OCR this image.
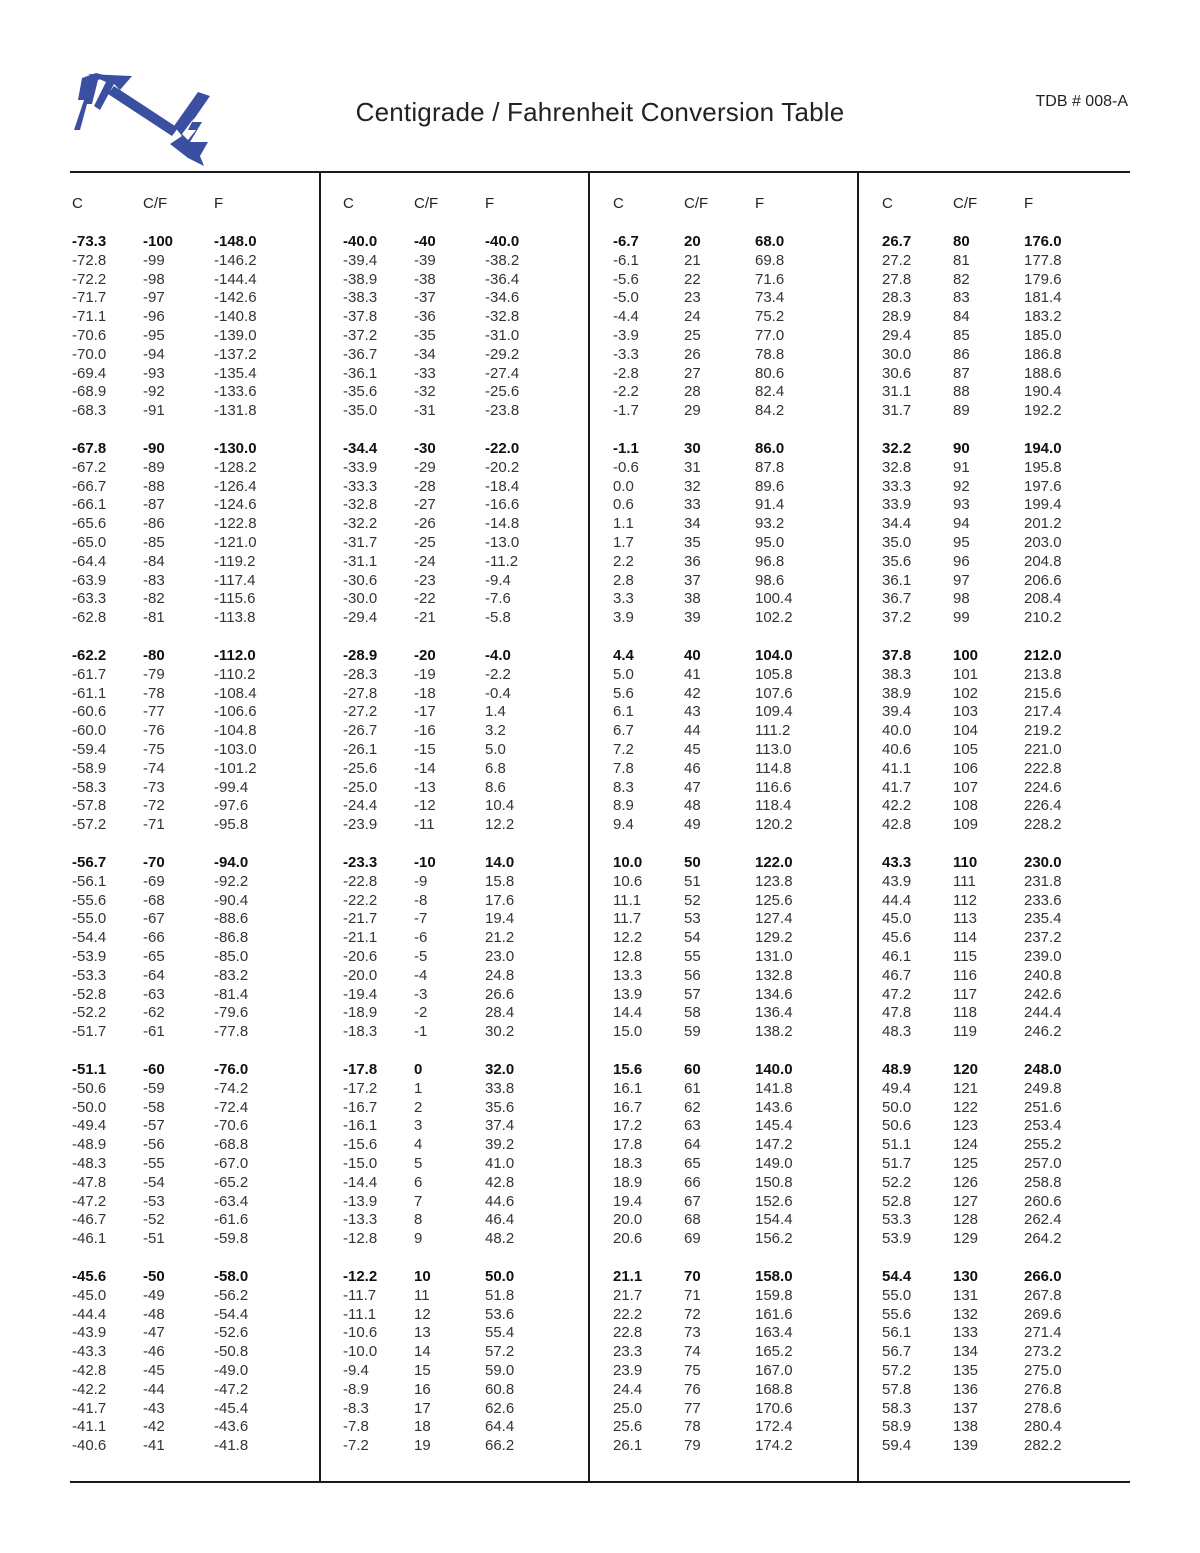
Centigrade / Fahrenheit Conversion Table	TDB # 008-A
C	C/F	F
-73.3 -100	-148.0
-72.8 -99	-146.2
-72.2 -98	-144.4
-71.7 -97	-142.6
-71.1 -96	-140.8
-70.6 -95	-139.0
-70.0 -94	-137.2
-69.4 -93	-135.4
-68.9 -92	-133.6
-68.3 -91	-131.8
-67.8 -90	-130.0
-67.2 -89	-128.2
-66.7 -88	-126.4
-66.1 -87	-124.6
-65.6 -86	-122.8
-65.0 -85	-121.0
-64.4 -84	-119.2
-63.9 -83	-117.4
-63.3 -82	-115.6
-62.8 -81	-113.8
-62.2 -80	-112.0
-61.7 -79	-110.2
-61.1 -78	-108.4
-60.6 -77	-106.6
-60.0 -76	-104.8
-59.4 -75	-103.0
-58.9 -74	-101.2
-58.3 -73	-99.4
-57.8 -72	-97.6
-57.2 -71	-95.8
-56.7 -70	-94.0
-56.1 -69	-92.2
-55.6 -68	-90.4
-55.0 -67	-88.6
-54.4 -66	-86.8
-53.9 -65	-85.0
-53.3 -64	-83.2
-52.8 -63	-81.4
-52.2 -62	-79.6
-51.7 -61	-77.8
-51.1 -60	-76.0
-50.6 -59	-74.2
-50.0 -58	-72.4
-49.4 -57	-70.6
-48.9 -56	-68.8
-48.3 -55	-67.0
-47.8 -54	-65.2
-47.2 -53	-63.4
-46.7 -52	-61.6
-46.1 -51	-59.8
-45.6 -50	-58.0
-45.0 -49	-56.2
-44.4 -48	-54.4
-43.9 -47	-52.6
-43.3 -46	-50.8
-42.8 -45	-49.0
-42.2 -44	-47.2
-41.7 -43	-45.4
-41.1 -42	-43.6
-40.6 -41	-41.8
C	C/F	F
-40.0 -40	-40.0
-39.4 -39	-38.2
-38.9 -38	-36.4
-38.3 -37	-34.6
-37.8 -36	-32.8
-37.2 -35	-31.0
-36.7 -34	-29.2
-36.1 -33	-27.4
-35.6 -32	-25.6
-35.0 -31	-23.8
-34.4 -30	-22.0
-33.9 -29	-20.2
-33.3 -28	-18.4
-32.8 -27	-16.6
-32.2 -26	-14.8
-31.7 -25	-13.0
-31.1 -24	-11.2
-30.6 -23	-9.4
-30.0 -22	-7.6
-29.4 -21	-5.8
-28.9 -20	-4.0
-28.3 -19	-2.2
-27.8 -18	-0.4
-27.2 -17	1.4
-26.7 -16	3.2
-26.1 -15	5.0
-25.6 -14	6.8
-25.0 -13	8.6
-24.4 -12	10.4
-23.9 -11	12.2
-23.3 -10	14.0
-22.8 -9	15.8
-22.2 -8	17.6
-21.7 -7	19.4
-21.1 -6	21.2
-20.6 -5	23.0
-20.0 -4	24.8
-19.4 -3	26.6
-18.9 -2	28.4
-18.3 -1	30.2
-17.8 0	32.0
-17.2 1	33.8
-16.7 2	35.6
-16.1 3	37.4
-15.6 4	39.2
-15.0 5	41.0
-14.4 6	42.8
-13.9 7	44.6
-13.3 8	46.4
-12.8 9	48.2
-12.2 10	50.0
-11.7	11	51.8
-11.1	12	53.6
-10.6 13	55.4
-10.0 14	57.2
-9.4	15	59.0
-8.9	16	60.8
-8.3	17	62.6
-7.8	18	64.4
-7.2	19	66.2
C	C/F	F
-6.7	20	68.0
-6.1	21	69.8
-5.6	22	71.6
-5.0	23	73.4
-4.4	24	75.2
-3.9	25	77.0
-3.3	26	78.8
-2.8	27	80.6
-2.2	28	82.4
-1.7	29	84.2
-1.1	30	86.0
-0.6	31	87.8
0.0	32	89.6
0.6	33	91.4
1.1	34	93.2
1.7	35	95.0
2.2	36	96.8
2.8	37	98.6
3.3	38	100.4
3.9	39	102.2
4.4	40	104.0
5.0	41	105.8
5.6	42	107.6
6.1	43	109.4
6.7	44	111.2
7.2	45	113.0
7.8	46	114.8
8.3	47	116.6
8.9	48	118.4
9.4	49	120.2
10.0	50	122.0
10.6	51	123.8
11.1	52	125.6
11.7	53	127.4
12.2	54	129.2
12.8	55	131.0
13.3	56	132.8
13.9	57	134.6
14.4	58	136.4
15.0	59	138.2
15.6	60	140.0
16.1	61	141.8
16.7	62	143.6
17.2	63	145.4
17.8	64	147.2
18.3	65	149.0
18.9	66	150.8
19.4	67	152.6
20.0	68	154.4
20.6	69	156.2
21.1	70	158.0
21.7	71	159.8
22.2	72	161.6
22.8	73	163.4
23.3	74	165.2
23.9	75	167.0
24.4	76	168.8
25.0	77	170.6
25.6	78	172.4
26.1	79	174.2
C	C/F	F
26.7	80	176.0
27.2	81	177.8
27.8	82	179.6
28.3	83	181.4
28.9	84	183.2
29.4	85	185.0
30.0	86	186.8
30.6	87	188.6
31.1	88	190.4
31.7	89	192.2
32.2	90	194.0
32.8	91	195.8
33.3	92	197.6
33.9	93	199.4
34.4	94	201.2
35.0	95	203.0
35.6	96	204.8
36.1	97	206.6
36.7	98	208.4
37.2	99	210.2
37.8	100	212.0
38.3	101	213.8
38.9	102	215.6
39.4	103	217.4
40.0	104	219.2
40.6	105	221.0
41.1	106	222.8
41.7	107	224.6
42.2	108	226.4
42.8	109	228.2
43.3	110	230.0
43.9	111	231.8
44.4	112	233.6
45.0	113	235.4
45.6	114	237.2
46.1	115	239.0
46.7	116	240.8
47.2	117	242.6
47.8	118	244.4
48.3	119	246.2
48.9	120	248.0
49.4	121	249.8
50.0	122	251.6
50.6	123	253.4
51.1	124	255.2
51.7	125	257.0
52.2	126	258.8
52.8	127	260.6
53.3	128	262.4
53.9	129	264.2
54.4	130	266.0
55.0	131	267.8
55.6	132	269.6
56.1	133	271.4
56.7	134	273.2
57.2	135	275.0
57.8	136	276.8
58.3	137	278.6
58.9	138	280.4
59.4	139	282.2
